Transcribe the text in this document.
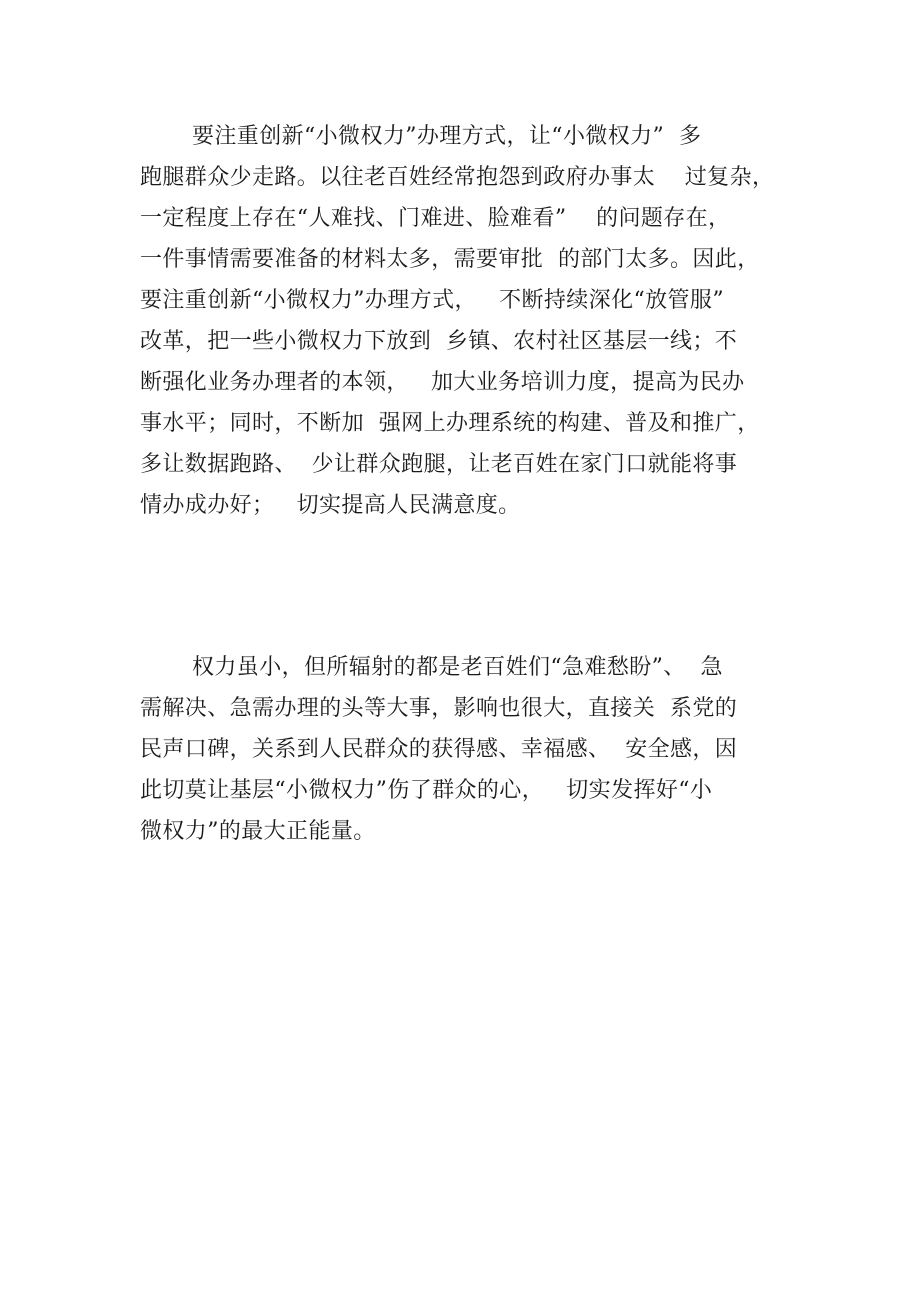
要注重创新“小微权力”办理方式，让“小微权力”  多
跑腿群众少走路。以往老百姓经常抱怨到政府办事太    过复杂，
一定程度上存在“人难找、门难进、脸难看”    的问题存在，
一件事情需要准备的材料太多，需要审批  的部门太多。因此，
要注重创新“小微权力”办理方式，   不断持续深化“放管服”
改革，把一些小微权力下放到  乡镇、农村社区基层一线；不
断强化业务办理者的本领，   加大业务培训力度，提高为民办
事水平；同时，不断加  强网上办理系统的构建、普及和推广，
多让数据跑路、  少让群众跑腿，让老百姓在家门口就能将事
情办成办好；   切实提高人民满意度。
权力虽小，但所辐射的都是老百姓们“急难愁盼”、  急
需解决、急需办理的头等大事，影响也很大，直接关  系党的
民声口碑，关系到人民群众的获得感、幸福感、  安全感，因
此切莫让基层“小微权力”伤了群众的心，   切实发挥好“小
微权力”的最大正能量。
